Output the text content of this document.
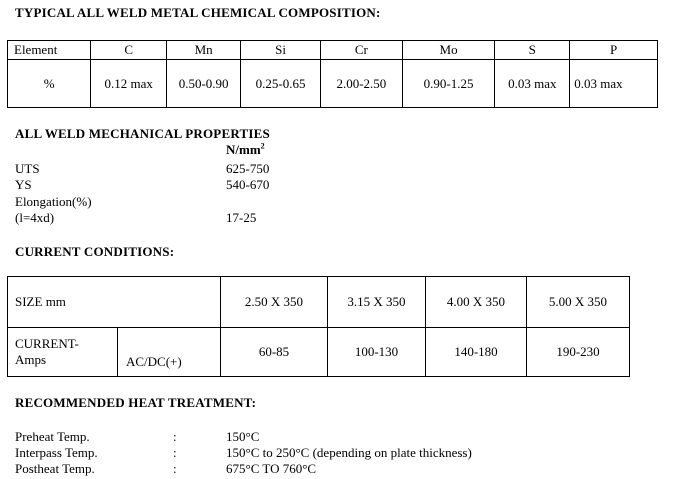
TYPICAL ALL WELD METAL CHEMICAL COMPOSITION:
Element	C	Mn	Si	Cr	Mo	S	P
%	0.12 max	0.50-0.90	0.25-0.65	2.00-2.50	0.90-1.25	0.03 max	0.03 max
ALL WELD MECHANICAL PROPERTIES
$N/mm^2$
UTS	625-750
YS	540-670
Elongation(%)
(l=4xd)	17-25
CURRENT CONDITIONS:
SIZE mm		2.50 X 350	3.15 X 350	4.00 X 350	5.00 X 350

CURRENT-
Amps	AC/DC(+)	60-85	100-130	140-180	190-230
RECOMMENDED HEAT TREATMENT:
Preheat Temp.	:	150°C
Interpass Temp.	:	150°C to 250°C (depending on plate thickness)
Postheat Temp.	:	675°C TO 760°C
